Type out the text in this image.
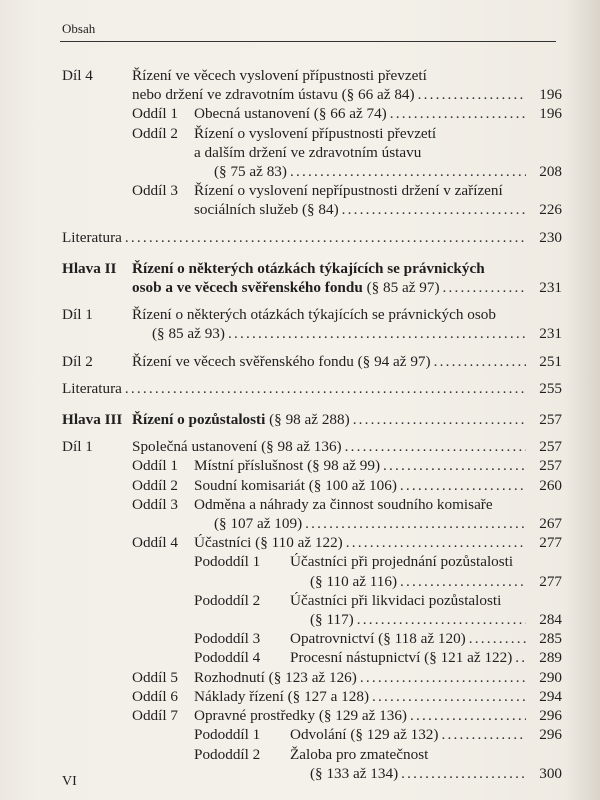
Obsah
Díl 4	Řízení ve věcech vyslovení přípustnosti převzetí
nebo držení ve zdravotním ústavu (§ 66 až 84) .....	196
Oddíl 1 Obecná ustanovení (§ 66 až 74) .....	196
Oddíl 2 Řízení o vyslovení přípustnosti převzetí
a dalším držení ve zdravotním ústavu
(§ 75 až 83) .....	208
Oddíl 3 Řízení o vyslovení nepřípustnosti držení v zařízení
sociálních služeb (§ 84) .....	226
Literatura .....	230
Hlava II Řízení o některých otázkách týkajících se právnických
osob a ve věcech svěřenského fondu (§ 85 až 97) .....	231
Díl 1	Řízení o některých otázkách týkajících se právnických osob
(§ 85 až 93) .....	231
Díl 2	Řízení ve věcech svěřenského fondu (§ 94 až 97) .....	251
Literatura .....	255
Hlava III Řízení o pozůstalosti (§ 98 až 288) .....	257
Díl 1	Společná ustanovení (§ 98 až 136) .....	257
Oddíl 1 Místní příslušnost (§ 98 až 99) .....	257
Oddíl 2 Soudní komisariát (§ 100 až 106) .....	260
Oddíl 3 Odměna a náhrady za činnost soudního komisaře
(§ 107 až 109) .....	267
Oddíl 4 Účastníci (§ 110 až 122) .....	277
Pododdíl 1 Účastníci při projednání pozůstalosti
(§ 110 až 116) .....	277
Pododdíl 2 Účastníci při likvidaci pozůstalosti
(§ 117) .....	284
Pododdíl 3 Opatrovnictví (§ 118 až 120) .....	285
Pododdíl 4 Procesní nástupnictví (§ 121 až 122) .....	289
Oddíl 5 Rozhodnutí (§ 123 až 126) .....	290
Oddíl 6 Náklady řízení (§ 127 a 128) .....	294
Oddíl 7 Opravné prostředky (§ 129 až 136) .....	296
Pododdíl 1 Odvolání (§ 129 až 132) .....	296
Pododdíl 2 Žaloba pro zmatečnost
(§ 133 až 134) .....	300
VI
